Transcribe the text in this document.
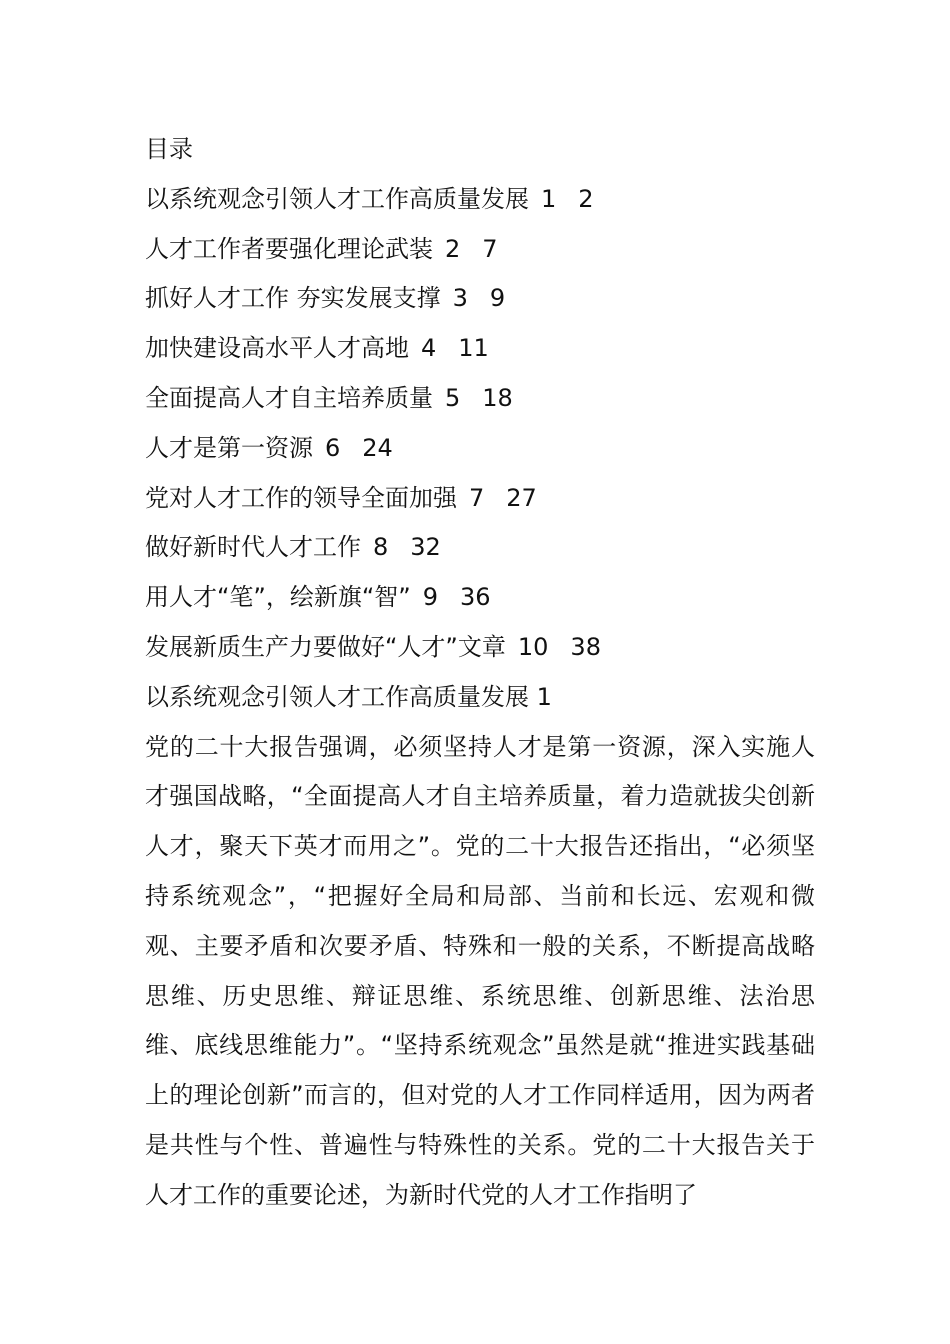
目录
以系统观念引领人才工作高质量发展 1 2
人才工作者要强化理论武装 2 7
抓好人才工作 夯实发展支撑 3 9
加快建设高水平人才高地 4 11
全面提高人才自主培养质量 5 18
人才是第一资源 6 24
党对人才工作的领导全面加强 7 27
做好新时代人才工作 8 32
用人才“笔”，绘新旗“智” 9 36
发展新质生产力要做好“人才”文章 10 38
以系统观念引领人才工作高质量发展 1

党的二十大报告强调，必须坚持人才是第一资源，深入实施人才强国战略，“全面提高人才自主培养质量，着力造就拔尖创新人才，聚天下英才而用之”。党的二十大报告还指出，“必须坚持系统观念”，“把握好全局和局部、当前和长远、宏观和微观、主要矛盾和次要矛盾、特殊和一般的关系，不断提高战略思维、历史思维、辩证思维、系统思维、创新思维、法治思维、底线思维能力”。“坚持系统观念”虽然是就“推进实践基础上的理论创新”而言的，但对党的人才工作同样适用，因为两者是共性与个性、普遍性与特殊性的关系。党的二十大报告关于人才工作的重要论述，为新时代党的人才工作指明了
